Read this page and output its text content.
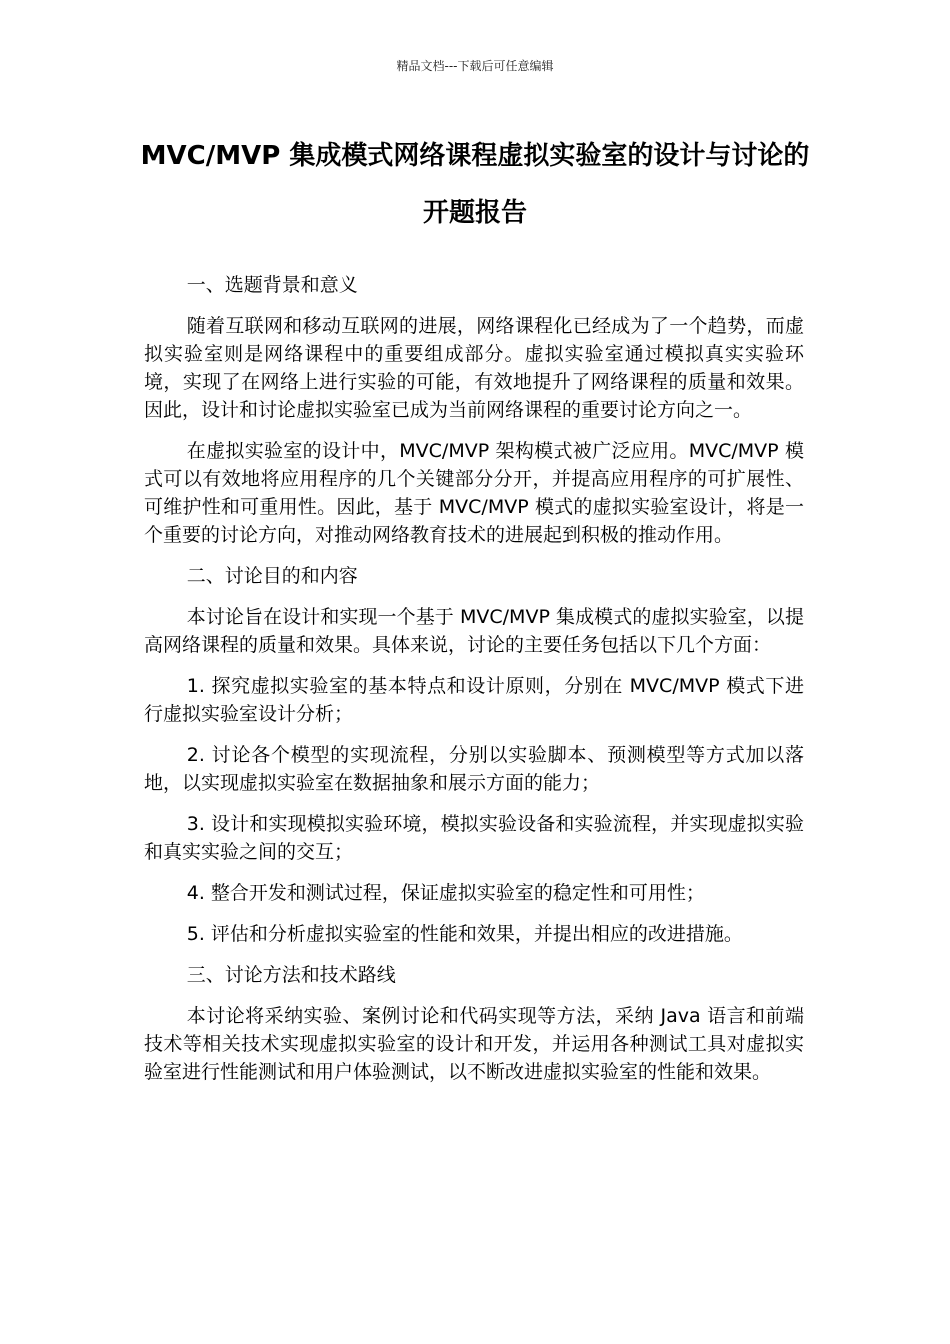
精品文档---下载后可任意编辑
MVC/MVP 集成模式网络课程虚拟实验室的设计与讨论的开题报告

一、选题背景和意义

随着互联网和移动互联网的进展，网络课程化已经成为了一个趋势，而虚拟实验室则是网络课程中的重要组成部分。虚拟实验室通过模拟真实实验环境，实现了在网络上进行实验的可能，有效地提升了网络课程的质量和效果。因此，设计和讨论虚拟实验室已成为当前网络课程的重要讨论方向之一。

在虚拟实验室的设计中，MVC/MVP 架构模式被广泛应用。MVC/MVP 模式可以有效地将应用程序的几个关键部分分开，并提高应用程序的可扩展性、可维护性和可重用性。因此，基于 MVC/MVP 模式的虚拟实验室设计，将是一个重要的讨论方向，对推动网络教育技术的进展起到积极的推动作用。

二、讨论目的和内容

本讨论旨在设计和实现一个基于 MVC/MVP 集成模式的虚拟实验室，以提高网络课程的质量和效果。具体来说，讨论的主要任务包括以下几个方面：

1. 探究虚拟实验室的基本特点和设计原则，分别在 MVC/MVP 模式下进行虚拟实验室设计分析；

2. 讨论各个模型的实现流程，分别以实验脚本、预测模型等方式加以落地，以实现虚拟实验室在数据抽象和展示方面的能力；

3. 设计和实现模拟实验环境，模拟实验设备和实验流程，并实现虚拟实验和真实实验之间的交互；

4. 整合开发和测试过程，保证虚拟实验室的稳定性和可用性；

5. 评估和分析虚拟实验室的性能和效果，并提出相应的改进措施。

三、讨论方法和技术路线

本讨论将采纳实验、案例讨论和代码实现等方法，采纳 Java 语言和前端技术等相关技术实现虚拟实验室的设计和开发，并运用各种测试工具对虚拟实验室进行性能测试和用户体验测试，以不断改进虚拟实验室的性能和效果。
